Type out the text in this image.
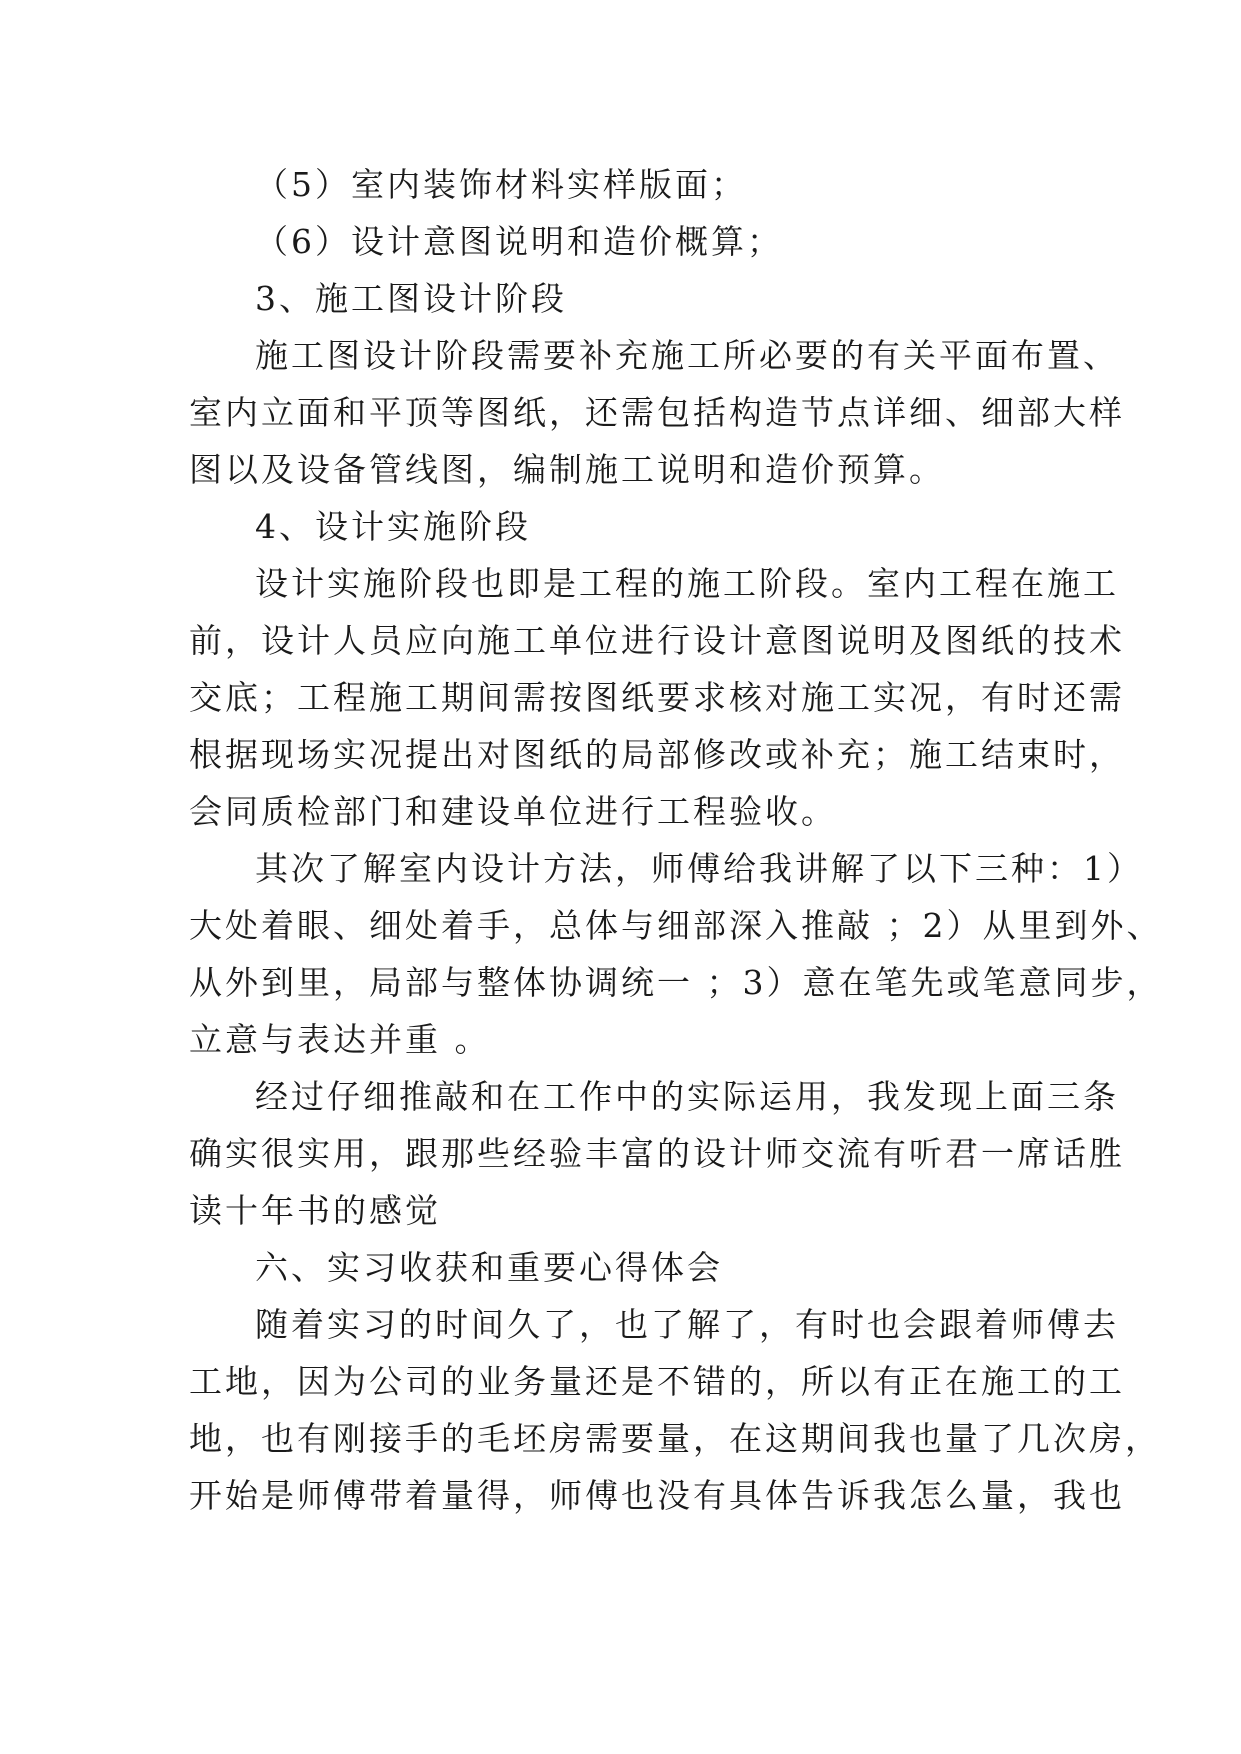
（5）室内装饰材料实样版面；
（6）设计意图说明和造价概算；
3、施工图设计阶段
施工图设计阶段需要补充施工所必要的有关平面布置、
室内立面和平顶等图纸，还需包括构造节点详细、细部大样
图以及设备管线图，编制施工说明和造价预算。
4、设计实施阶段
设计实施阶段也即是工程的施工阶段。室内工程在施工
前，设计人员应向施工单位进行设计意图说明及图纸的技术
交底；工程施工期间需按图纸要求核对施工实况，有时还需
根据现场实况提出对图纸的局部修改或补充；施工结束时，
会同质检部门和建设单位进行工程验收。
其次了解室内设计方法，师傅给我讲解了以下三种：1）
大处着眼、细处着手，总体与细部深入推敲 ；2）从里到外、
从外到里，局部与整体协调统一 ；3）意在笔先或笔意同步，
立意与表达并重 。
经过仔细推敲和在工作中的实际运用，我发现上面三条
确实很实用，跟那些经验丰富的设计师交流有听君一席话胜
读十年书的感觉
六、实习收获和重要心得体会
随着实习的时间久了，也了解了，有时也会跟着师傅去
工地，因为公司的业务量还是不错的，所以有正在施工的工
地，也有刚接手的毛坯房需要量，在这期间我也量了几次房，
开始是师傅带着量得，师傅也没有具体告诉我怎么量，我也
